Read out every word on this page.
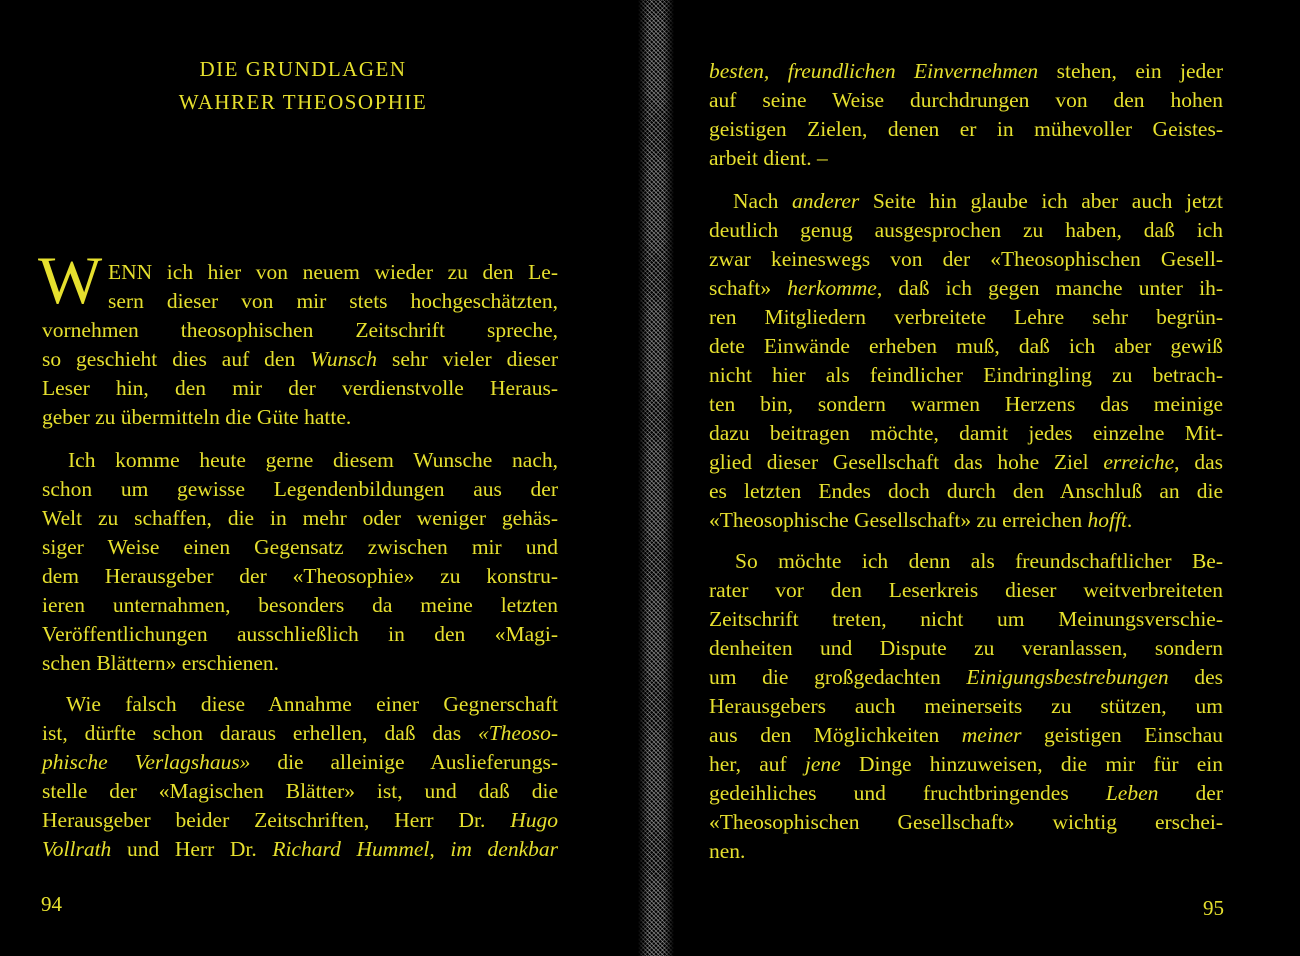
DIE GRUNDLAGEN
WAHRER THEOSOPHIE
W
94
ENN ich hier von neuem wieder zu den Le-
sern dieser von mir stets hochgeschätzten,
vornehmen theosophischen Zeitschrift spreche,
so geschieht dies auf den Wunsch sehr vieler dieser
Leser hin, den mir der verdienstvolle Heraus-
geber zu übermitteln die Güte hatte.
Ich komme heute gerne diesem Wunsche nach,
schon um gewisse Legendenbildungen aus der
Welt zu schaffen, die in mehr oder weniger gehäs-
siger Weise einen Gegensatz zwischen mir und
dem Herausgeber der «Theosophie» zu konstru-
ieren unternahmen, besonders da meine letzten
Veröffentlichungen ausschließlich in den «Magi-
schen Blättern» erschienen.
Wie falsch diese Annahme einer Gegnerschaft
ist, dürfte schon daraus erhellen, daß das «Theoso-
phische Verlagshaus» die alleinige Auslieferungs-
stelle der «Magischen Blätter» ist, und daß die
Herausgeber beider Zeitschriften, Herr Dr. Hugo
Vollrath und Herr Dr. Richard Hummel, im denkbar
95
besten, freundlichen Einvernehmen stehen, ein jeder
auf seine Weise durchdrungen von den hohen
geistigen Zielen, denen er in mühevoller Geistes-
arbeit dient. –
Nach anderer Seite hin glaube ich aber auch jetzt
deutlich genug ausgesprochen zu haben, daß ich
zwar keineswegs von der «Theosophischen Gesell-
schaft» herkomme, daß ich gegen manche unter ih-
ren Mitgliedern verbreitete Lehre sehr begrün-
dete Einwände erheben muß, daß ich aber gewiß
nicht hier als feindlicher Eindringling zu betrach-
ten bin, sondern warmen Herzens das meinige
dazu beitragen möchte, damit jedes einzelne Mit-
glied dieser Gesellschaft das hohe Ziel erreiche, das
es letzten Endes doch durch den Anschluß an die
«Theosophische Gesellschaft» zu erreichen hofft.
So möchte ich denn als freundschaftlicher Be-
rater vor den Leserkreis dieser weitverbreiteten
Zeitschrift treten, nicht um Meinungsverschie-
denheiten und Dispute zu veranlassen, sondern
um die großgedachten Einigungsbestrebungen des
Herausgebers auch meinerseits zu stützen, um
aus den Möglichkeiten meiner geistigen Einschau
her, auf jene Dinge hinzuweisen, die mir für ein
gedeihliches und fruchtbringendes Leben der
«Theosophischen Gesellschaft» wichtig erschei-
nen.
